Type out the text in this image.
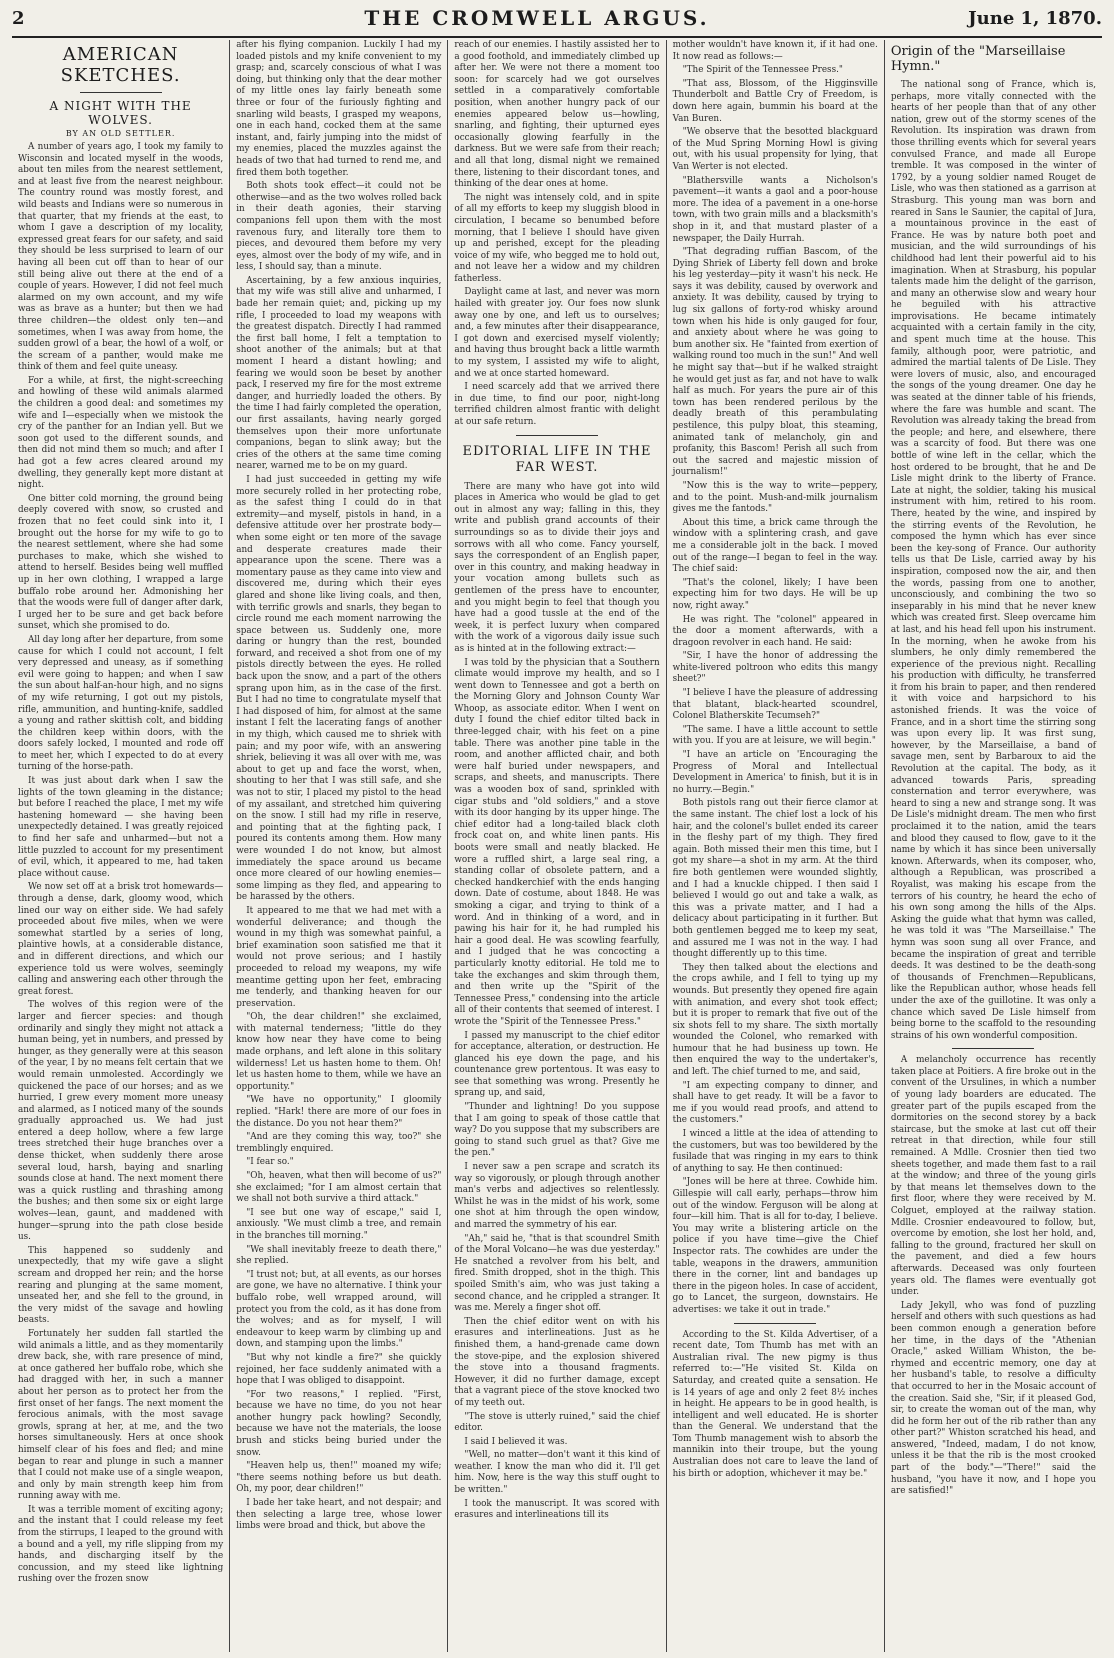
2	THE CROMWELL ARGUS.	June 1, 1870.
AMERICAN SKETCHES.
A NIGHT WITH THE WOLVES.
BY AN OLD SETTLER.

A number of years ago, I took my family to Wisconsin and located myself in the woods, about ten miles from the nearest settlement, and at least five from the nearest neighbour. The country round was mostly forest, and wild beasts and Indians were so numerous in that quarter, that my friends at the east, to whom I gave a description of my locality, expressed great fears for our safety, and said they should be less surprised to learn of our having all been cut off than to hear of our still being alive out there at the end of a couple of years. However, I did not feel much alarmed on my own account, and my wife was as brave as a hunter; but then we had three children—the oldest only ten—and sometimes, when I was away from home, the sudden growl of a bear, the howl of a wolf, or the scream of a panther, would make me think of them and feel quite uneasy.

For a while, at first, the night-screeching and howling of these wild animals alarmed the children a good deal: and sometimes my wife and I—especially when we mistook the cry of the panther for an Indian yell. But we soon got used to the different sounds, and then did not mind them so much; and after I had got a few acres cleared around my dwelling, they generally kept more distant at night.

One bitter cold morning, the ground being deeply covered with snow, so crusted and frozen that no feet could sink into it, I brought out the horse for my wife to go to the nearest settlement, where she had some purchases to make, which she wished to attend to herself. Besides being well muffled up in her own clothing, I wrapped a large buffalo robe around her. Admonishing her that the woods were full of danger after dark, I urged her to be sure and get back before sunset, which she promised to do.

All day long after her departure, from some cause for which I could not account, I felt very depressed and uneasy, as if something evil were going to happen; and when I saw the sun about half-an-hour high, and no signs of my wife returning, I got out my pistols, rifle, ammunition, and hunting-knife, saddled a young and rather skittish colt, and bidding the children keep within doors, with the doors safely locked, I mounted and rode off to meet her, which I expected to do at every turning of the horse-path.

It was just about dark when I saw the lights of the town gleaming in the distance; but before I reached the place, I met my wife hastening homeward — she having been unexpectedly detained. I was greatly rejoiced to find her safe and unharmed—but not a little puzzled to account for my presentiment of evil, which, it appeared to me, had taken place without cause.

We now set off at a brisk trot homewards—through a dense, dark, gloomy wood, which lined our way on either side. We had safely proceeded about five miles, when we were somewhat startled by a series of long, plaintive howls, at a considerable distance, and in different directions, and which our experience told us were wolves, seemingly calling and answering each other through the great forest.

The wolves of this region were of the larger and fiercer species: and though ordinarily and singly they might not attack a human being, yet in numbers, and pressed by hunger, as they generally were at this season of the year, I by no means felt certain that we would remain unmolested. Accordingly we quickened the pace of our horses; and as we hurried, I grew every moment more uneasy and alarmed, as I noticed many of the sounds gradually approached us. We had just entered a deep hollow, where a few large trees stretched their huge branches over a dense thicket, when suddenly there arose several loud, harsh, baying and snarling sounds close at hand. The next moment there was a quick rustling and thrashing among the bushes; and then some six or eight large wolves—lean, gaunt, and maddened with hunger—sprung into the path close beside us.

This happened so suddenly and unexpectedly, that my wife gave a slight scream and dropped her rein; and the horse rearing and plunging at the same moment, unseated her, and she fell to the ground, in the very midst of the savage and howling beasts.

Fortunately her sudden fall startled the wild animals a little, and as they momentarily drew back, she, with rare presence of mind, at once gathered her buffalo robe, which she had dragged with her, in such a manner about her person as to protect her from the first onset of her fangs. The next moment the ferocious animals, with the most savage growls, sprang at her, at me, and the two horses simultaneously. Hers at once shook himself clear of his foes and fled; and mine began to rear and plunge in such a manner that I could not make use of a single weapon, and only by main strength keep him from running away with me.

It was a terrible moment of exciting agony; and the instant that I could release my feet from the stirrups, I leaped to the ground with a bound and a yell, my rifle slipping from my hands, and discharging itself by the concussion, and my steed like lightning rushing over the frozen snow

after his flying companion. Luckily I had my loaded pistols and my knife convenient to my grasp; and, scarcely conscious of what I was doing, but thinking only that the dear mother of my little ones lay fairly beneath some three or four of the furiously fighting and snarling wild beasts, I grasped my weapons, one in each hand, cocked them at the same instant, and, fairly jumping into the midst of my enemies, placed the muzzles against the heads of two that had turned to rend me, and fired them both together.

Both shots took effect—it could not be otherwise—and as the two wolves rolled back in their death agonies, their starving companions fell upon them with the most ravenous fury, and literally tore them to pieces, and devoured them before my very eyes, almost over the body of my wife, and in less, I should say, than a minute.

Ascertaining, by a few anxious inquiries, that my wife was still alive and unharmed, I bade her remain quiet; and, picking up my rifle, I proceeded to load my weapons with the greatest dispatch. Directly I had rammed the first ball home, I felt a temptation to shoot another of the animals; but at that moment I heard a distant howling; and fearing we would soon be beset by another pack, I reserved my fire for the most extreme danger, and hurriedly loaded the others. By the time I had fairly completed the operation, our first assailants, having nearly gorged themselves upon their more unfortunate companions, began to slink away; but the cries of the others at the same time coming nearer, warned me to be on my guard.

I had just succeeded in getting my wife more securely rolled in her protecting robe, as the safest thing I could do in that extremity—and myself, pistols in hand, in a defensive attitude over her prostrate body—when some eight or ten more of the savage and desperate creatures made their appearance upon the scene. There was a momentary pause as they came into view and discovered me, during which their eyes glared and shone like living coals, and then, with terrific growls and snarls, they began to circle round me each moment narrowing the space between us. Suddenly one, more daring or hungry than the rest, bounded forward, and received a shot from one of my pistols directly between the eyes. He rolled back upon the snow, and a part of the others sprang upon him, as in the case of the first. But I had no time to congratulate myself that I had disposed of him, for almost at the same instant I felt the lacerating fangs of another in my thigh, which caused me to shriek with pain; and my poor wife, with an answering shriek, believing it was all over with me, was about to get up and face the worst, when, shouting to her that I was still safe, and she was not to stir, I placed my pistol to the head of my assailant, and stretched him quivering on the snow. I still had my rifle in reserve, and pointing that at the fighting pack, I poured its contents among them. How many were wounded I do not know, but almost immediately the space around us became once more cleared of our howling enemies—some limping as they fled, and appearing to be harassed by the others.

It appeared to me that we had met with a wonderful deliverance; and though the wound in my thigh was somewhat painful, a brief examination soon satisfied me that it would not prove serious; and I hastily proceeded to reload my weapons, my wife meantime getting upon her feet, embracing me tenderly, and thanking heaven for our preservation.

"Oh, the dear children!" she exclaimed, with maternal tenderness; "little do they know how near they have come to being made orphans, and left alone in this solitary wilderness! Let us hasten home to them. Oh! let us hasten home to them, while we have an opportunity."

"We have no opportunity," I gloomily replied. "Hark! there are more of our foes in the distance. Do you not hear them?"

"And are they coming this way, too?" she tremblingly enquired.

"I fear so."

"Oh, heaven, what then will become of us?" she exclaimed; "for I am almost certain that we shall not both survive a third attack."

"I see but one way of escape," said I, anxiously. "We must climb a tree, and remain in the branches till morning."

"We shall inevitably freeze to death there," she replied.

"I trust not; but, at all events, as our horses are gone, we have no alternative. I think your buffalo robe, well wrapped around, will protect you from the cold, as it has done from the wolves; and as for myself, I will endeavour to keep warm by climbing up and down, and stamping upon the limbs."

"But why not kindle a fire?" she quickly rejoined, her face suddenly animated with a hope that I was obliged to disappoint.

"For two reasons," I replied. "First, because we have no time, do you not hear another hungry pack howling? Secondly, because we have not the materials, the loose brush and sticks being buried under the snow.

"Heaven help us, then!" moaned my wife; "there seems nothing before us but death. Oh, my poor, dear children!"

I bade her take heart, and not despair; and then selecting a large tree, whose lower limbs were broad and thick, but above the

reach of our enemies. I hastily assisted her to a good foothold, and immediately climbed up after her. We were not there a moment too soon: for scarcely had we got ourselves settled in a comparatively comfortable position, when another hungry pack of our enemies appeared below us—howling, snarling, and fighting, their upturned eyes occasionally glowing fearfully in the darkness. But we were safe from their reach; and all that long, dismal night we remained there, listening to their discordant tones, and thinking of the dear ones at home.

The night was intensely cold, and in spite of all my efforts to keep my sluggish blood in circulation, I became so benumbed before morning, that I believe I should have given up and perished, except for the pleading voice of my wife, who begged me to hold out, and not leave her a widow and my children fatherless.

Daylight came at last, and never was morn hailed with greater joy. Our foes now slunk away one by one, and left us to ourselves; and, a few minutes after their disappearance, I got down and exercised myself violently; and having thus brought back a little warmth to my system, I assisted my wife to alight, and we at once started homeward.

I need scarcely add that we arrived there in due time, to find our poor, night-long terrified children almost frantic with delight at our safe return.

EDITORIAL LIFE IN THE FAR WEST.

There are many who have got into wild places in America who would be glad to get out in almost any way; falling in this, they write and publish grand accounts of their surroundings so as to divide their joys and sorrows with all who come. Fancy yourself, says the correspondent of an English paper, over in this country, and making headway in your vocation among bullets such as gentlemen of the press have to encounter, and you might begin to feel that though you have had a good tussle at the end of the week, it is perfect luxury when compared with the work of a vigorous daily issue such as is hinted at in the following extract:—

I was told by the physician that a Southern climate would improve my health, and so I went down to Tennessee and got a berth on the Morning Glory and Johnson County War Whoop, as associate editor. When I went on duty I found the chief editor tilted back in three-legged chair, with his feet on a pine table. There was another pine table in the room, and another afflicted chair, and both were half buried under newspapers, and scraps, and sheets, and manuscripts. There was a wooden box of sand, sprinkled with cigar stubs and "old soldiers," and a stove with its door hanging by its upper hinge. The chief editor had a long-tailed black cloth frock coat on, and white linen pants. His boots were small and neatly blacked. He wore a ruffled shirt, a large seal ring, a standing collar of obsolete pattern, and a checked handkerchief with the ends hanging down. Date of costume, about 1848. He was smoking a cigar, and trying to think of a word. And in thinking of a word, and in pawing his hair for it, he had rumpled his hair a good deal. He was scowling fearfully, and I judged that he was concocting a particularly knotty editorial. He told me to take the exchanges and skim through them, and then write up the "Spirit of the Tennessee Press," condensing into the article all of their contents that seemed of interest. I wrote the "Spirit of the Tennessee Press."

I passed my manuscript to the chief editor for acceptance, alteration, or destruction. He glanced his eye down the page, and his countenance grew portentous. It was easy to see that something was wrong. Presently he sprang up, and said,

"Thunder and lightning! Do you suppose that I am going to speak of those cattle that way? Do you suppose that my subscribers are going to stand such gruel as that? Give me the pen."

I never saw a pen scrape and scratch its way so vigorously, or plough through another man's verbs and adjectives so relentlessly. Whilst he was in the midst of his work, some one shot at him through the open window, and marred the symmetry of his ear.

"Ah," said he, "that is that scoundrel Smith of the Moral Volcano—he was due yesterday." He snatched a revolver from his belt, and fired. Smith dropped, shot in the thigh. This spoiled Smith's aim, who was just taking a second chance, and he crippled a stranger. It was me. Merely a finger shot off.

Then the chief editor went on with his erasures and interlineations. Just as he finished them, a hand-grenade came down the stove-pipe, and the explosion shivered the stove into a thousand fragments. However, it did no further damage, except that a vagrant piece of the stove knocked two of my teeth out.

"The stove is utterly ruined," said the chief editor.

I said I believed it was.

"Well, no matter—don't want it this kind of weather. I know the man who did it. I'll get him. Now, here is the way this stuff ought to be written."

I took the manuscript. It was scored with erasures and interlineations till its

mother wouldn't have known it, if it had one. It now read as follows:—

"The Spirit of the Tennessee Press."

"That ass, Blossom, of the Higginsville Thunderbolt and Battle Cry of Freedom, is down here again, bummin his board at the Van Buren.

"We observe that the besotted blackguard of the Mud Spring Morning Howl is giving out, with his usual propensity for lying, that Van Werter is not elected.

"Blathersville wants a Nicholson's pavement—it wants a gaol and a poor-house more. The idea of a pavement in a one-horse town, with two grain mills and a blacksmith's shop in it, and that mustard plaster of a newspaper, the Daily Hurrah.

"That degrading ruffian Bascom, of the Dying Shriek of Liberty fell down and broke his leg yesterday—pity it wasn't his neck. He says it was debility, caused by overwork and anxiety. It was debility, caused by trying to lug six gallons of forty-rod whisky around town when his hide is only gauged for four, and anxiety about where he was going to bum another six. He "fainted from exertion of walking round too much in the sun!" And well he might say that—but if he walked straight he would get just as far, and not have to walk half as much. For years the pure air of this town has been rendered perilous by the deadly breath of this perambulating pestilence, this pulpy bloat, this steaming, animated tank of melancholy, gin and profanity, this Bascom! Perish all such from out the sacred and majestic mission of journalism!"

"Now this is the way to write—peppery, and to the point. Mush-and-milk journalism gives me the fantods."

About this time, a brick came through the window with a splintering crash, and gave me a considerable jolt in the back. I moved out of the range—I began to feel in the way. The chief said:

"That's the colonel, likely; I have been expecting him for two days. He will be up now, right away."

He was right. The "colonel" appeared in the door a moment afterwards, with a dragoon revolver in each hand. He said:

"Sir, I have the honor of addressing the white-livered poltroon who edits this mangy sheet?"

"I believe I have the pleasure of addressing that blatant, black-hearted scoundrel, Colonel Blatherskite Tecumseh?"

"The same. I have a little account to settle with you. If you are at leisure, we will begin."

"I have an article on 'Encouraging the Progress of Moral and Intellectual Development in America' to finish, but it is in no hurry.—Begin."

Both pistols rang out their fierce clamor at the same instant. The chief lost a lock of his hair, and the colonel's bullet ended its career in the fleshy part of my thigh. They fired again. Both missed their men this time, but I got my share—a shot in my arm. At the third fire both gentlemen were wounded slightly, and I had a knuckle chipped. I then said I believed I would go out and take a walk, as this was a private matter, and I had a delicacy about participating in it further. But both gentlemen begged me to keep my seat, and assured me I was not in the way. I had thought differently up to this time.

They then talked about the elections and the crops awhile, and I fell to tying up my wounds. But presently they opened fire again with animation, and every shot took effect; but it is proper to remark that five out of the six shots fell to my share. The sixth mortally wounded the Colonel, who remarked with humour that he had business up town. He then enquired the way to the undertaker's, and left. The chief turned to me, and said,

"I am expecting company to dinner, and shall have to get ready. It will be a favor to me if you would read proofs, and attend to the customers."

I winced a little at the idea of attending to the customers, but was too bewildered by the fusilade that was ringing in my ears to think of anything to say. He then continued:

"Jones will be here at three. Cowhide him. Gillespie will call early, perhaps—throw him out of the window. Ferguson will be along at four—kill him. That is all for to-day, I believe. You may write a blistering article on the police if you have time—give the Chief Inspector rats. The cowhides are under the table, weapons in the drawers, ammunition there in the corner, lint and bandages up there in the pigeon holes. In case of accident, go to Lancet, the surgeon, downstairs. He advertises: we take it out in trade."

According to the St. Kilda Advertiser, of a recent date, Tom Thumb has met with an Australian rival. The new pigmy is thus referred to:—"He visited St. Kilda on Saturday, and created quite a sensation. He is 14 years of age and only 2 feet 8½ inches in height. He appears to be in good health, is intelligent and well educated. He is shorter than the General. We understand that the Tom Thumb management wish to absorb the mannikin into their troupe, but the young Australian does not care to leave the land of his birth or adoption, whichever it may be."

Origin of the "Marseillaise Hymn."

The national song of France, which is, perhaps, more vitally connected with the hearts of her people than that of any other nation, grew out of the stormy scenes of the Revolution. Its inspiration was drawn from those thrilling events which for several years convulsed France, and made all Europe tremble. It was composed in the winter of 1792, by a young soldier named Rouget de Lisle, who was then stationed as a garrison at Strasburg. This young man was born and reared in Sans le Saunier, the capital of Jura, a mountainous province in the east of France. He was by nature both poet and musician, and the wild surroundings of his childhood had lent their powerful aid to his imagination. When at Strasburg, his popular talents made him the delight of the garrison, and many an otherwise slow and weary hour he beguiled with his attractive improvisations. He became intimately acquainted with a certain family in the city, and spent much time at the house. This family, although poor, were patriotic, and admired the martial talents of De Lisle. They were lovers of music, also, and encouraged the songs of the young dreamer. One day he was seated at the dinner table of his friends, where the fare was humble and scant. The Revolution was already taking the bread from the people; and here, and elsewhere, there was a scarcity of food. But there was one bottle of wine left in the cellar, which the host ordered to be brought, that he and De Lisle might drink to the liberty of France. Late at night, the soldier, taking his musical instrument with him, retired to his room. There, heated by the wine, and inspired by the stirring events of the Revolution, he composed the hymn which has ever since been the key-song of France. Our authority tells us that De Lisle, carried away by his inspiration, composed now the air, and then the words, passing from one to another, unconsciously, and combining the two so inseparably in his mind that he never knew which was created first. Sleep overcame him at last, and his head fell upon his instrument. In the morning, when he awoke from his slumbers, he only dimly remembered the experience of the previous night. Recalling his production with difficulty, he transferred it from his brain to paper, and then rendered it with voice and harpsichord to his astonished friends. It was the voice of France, and in a short time the stirring song was upon every lip. It was first sung, however, by the Marseillaise, a band of savage men, sent by Barbaroux to aid the Revolution at the capital. The body, as it advanced towards Paris, spreading consternation and terror everywhere, was heard to sing a new and strange song. It was De Lisle's midnight dream. The men who first proclaimed it to the nation, amid the tears and blood they caused to flow, gave to it the name by which it has since been universally known. Afterwards, when its composer, who, although a Republican, was proscribed a Royalist, was making his escape from the terrors of his country, he heard the echo of his own song among the hills of the Alps. Asking the guide what that hymn was called, he was told it was "The Marseillaise." The hymn was soon sung all over France, and became the inspiration of great and terrible deeds. It was destined to be the death-song of thousands of Frenchmen—Republicans, like the Republican author, whose heads fell under the axe of the guillotine. It was only a chance which saved De Lisle himself from being borne to the scaffold to the resounding strains of his own wonderful composition.

A melancholy occurrence has recently taken place at Poitiers. A fire broke out in the convent of the Ursulines, in which a number of young lady boarders are educated. The greater part of the pupils escaped from the dormitories on the second storey by a back staircase, but the smoke at last cut off their retreat in that direction, while four still remained. A Mdlle. Crosnier then tied two sheets together, and made them fast to a rail at the window; and three of the young girls by that means let themselves down to the first floor, where they were received by M. Colguet, employed at the railway station. Mdlle. Crosnier endeavoured to follow, but, overcome by emotion, she lost her hold, and, falling to the ground, fractured her skull on the pavement, and died a few hours afterwards. Deceased was only fourteen years old. The flames were eventually got under.

Lady Jekyll, who was fond of puzzling herself and others with such questions as had been common enough a generation before her time, in the days of the "Athenian Oracle," asked William Whiston, the be-rhymed and eccentric memory, one day at her husband's table, to resolve a difficulty that occurred to her in the Mosaic account of the creation. Said she, "Sir, if it pleased God, sir, to create the woman out of the man, why did he form her out of the rib rather than any other part?" Whiston scratched his head, and answered, "Indeed, madam, I do not know, unless it be that the rib is the most crooked part of the body."—"There!" said the husband, "you have it now, and I hope you are satisfied!"
